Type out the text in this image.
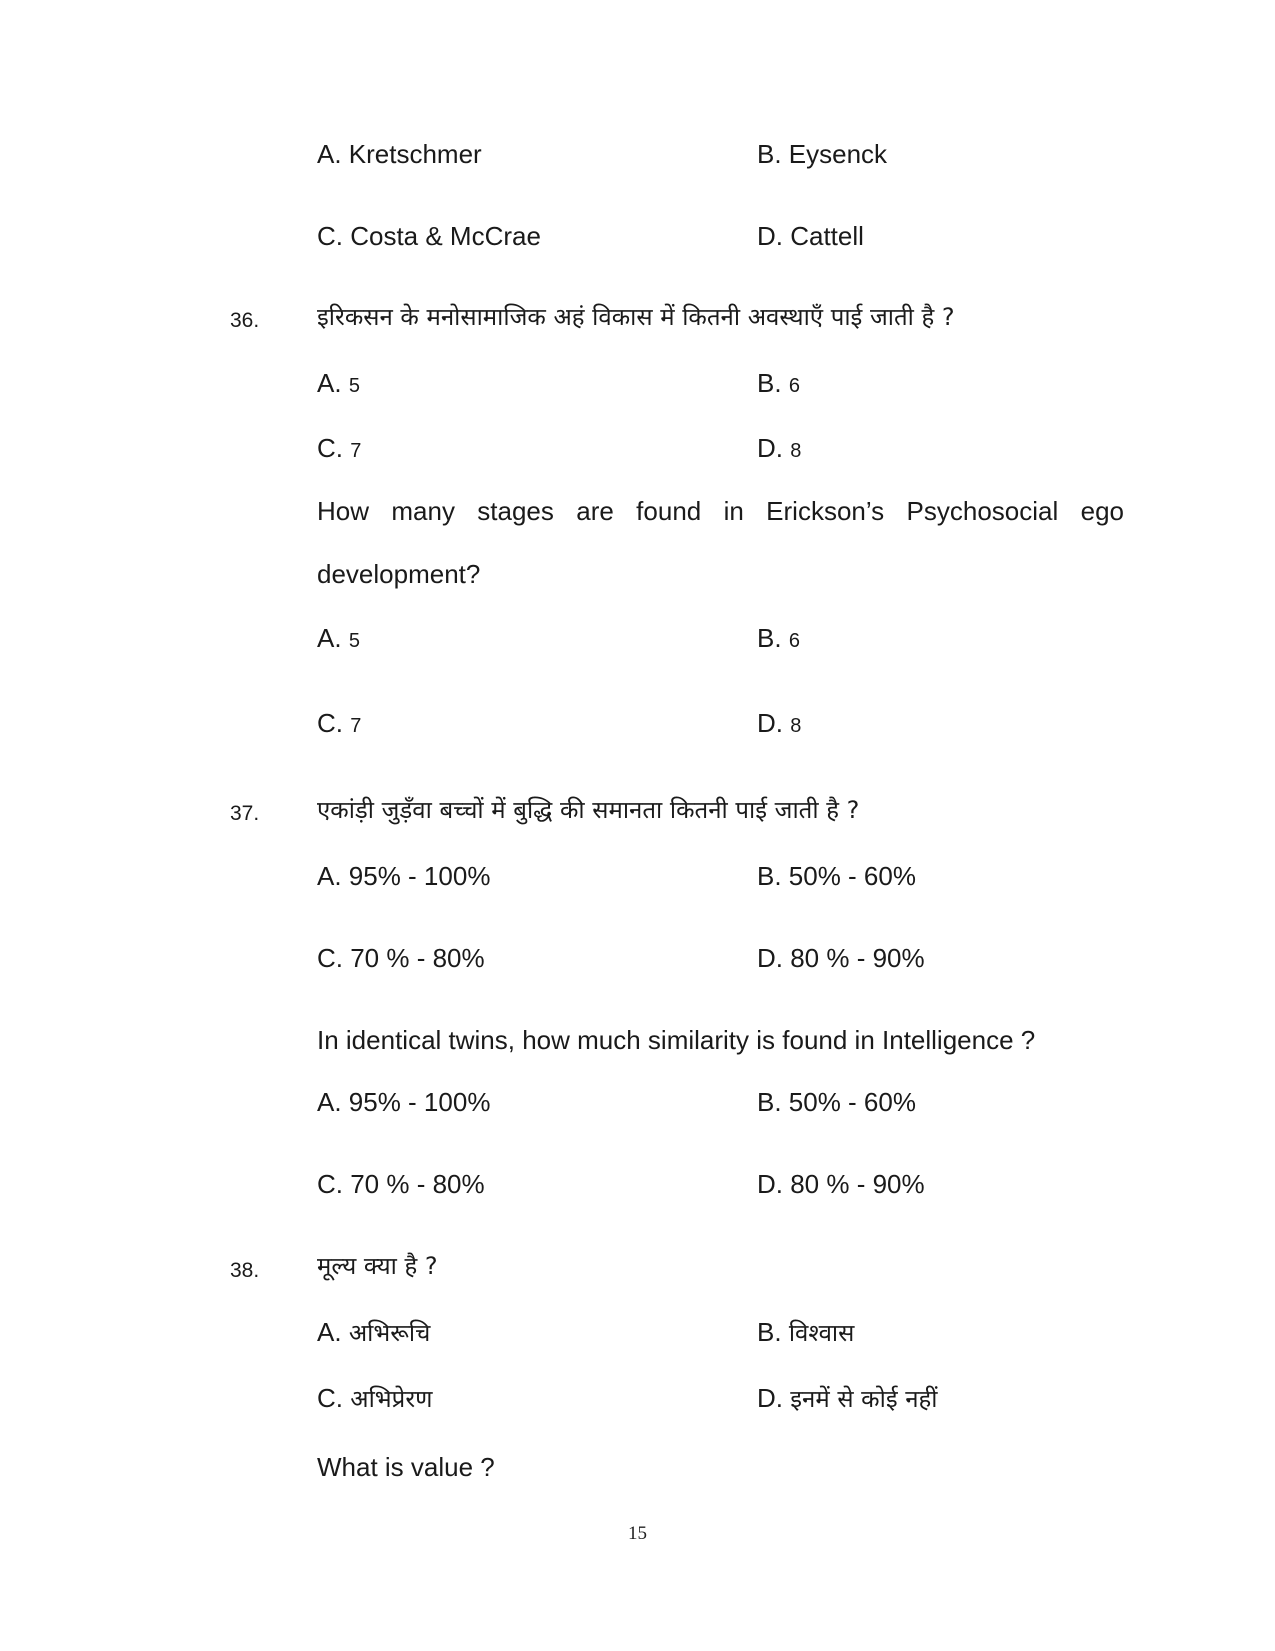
A. Kretschmer	B. Eysenck
C. Costa & McCrae	D. Cattell
36. इरिकसन के मनोसामाजिक अहं विकास में कितनी अवस्थाएँ पाई जाती है ?
A. 5	B. 6
C. 7	D. 8
How many stages are found in Erickson’s Psychosocial ego
development?
A. 5	B. 6
C. 7	D. 8
37. एकांड़ी जुड़ँवा बच्चों में बुद्धि की समानता कितनी पाई जाती है ?
A. 95% - 100%	B. 50% - 60%
C. 70 % - 80%	D. 80 % - 90%
In identical twins, how much similarity is found in Intelligence ?
A. 95% - 100%	B. 50% - 60%
C. 70 % - 80%	D. 80 % - 90%
38. मूल्य क्या है ?
A. अभिरूचि	B. विश्वास
C. अभिप्रेरण	D. इनमें से कोई नहीं
What is value ?
15
